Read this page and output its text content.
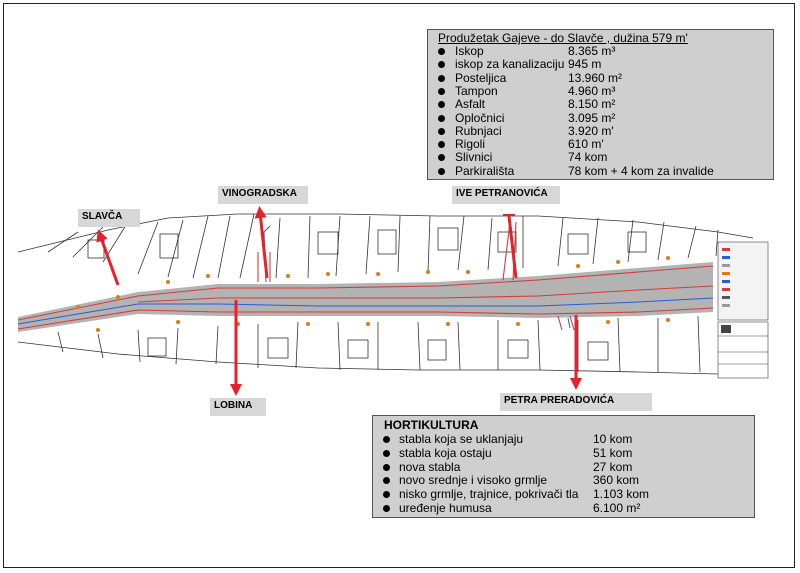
SLAVČA
VINOGRADSKA	IVE PETRANOVIĆA
LOBINA	PETRA PRERADOVIĆA
Produžetak Gajeve - do Slavče , dužina 579 m'
Iskop	8.365 m³
iskop za kanalizaciju 945 m
Posteljica	13.960 m²
Tampon	4.960 m³
Asfalt	8.150 m²
Opločnici	3.095 m²
Rubnjaci	3.920 m'
Rigoli	610 m'
Slivnici	74 kom
Parkirališta	78 kom + 4 kom za invalide
HORTIKULTURA
stabla koja se uklanjaju	10 kom
stabla koja ostaju	51 kom
nova stabla	27 kom
novo srednje i visoko grmlje	360 kom
nisko grmlje, trajnice, pokrivači tla 1.103 kom
uređenje humusa	6.100 m²
